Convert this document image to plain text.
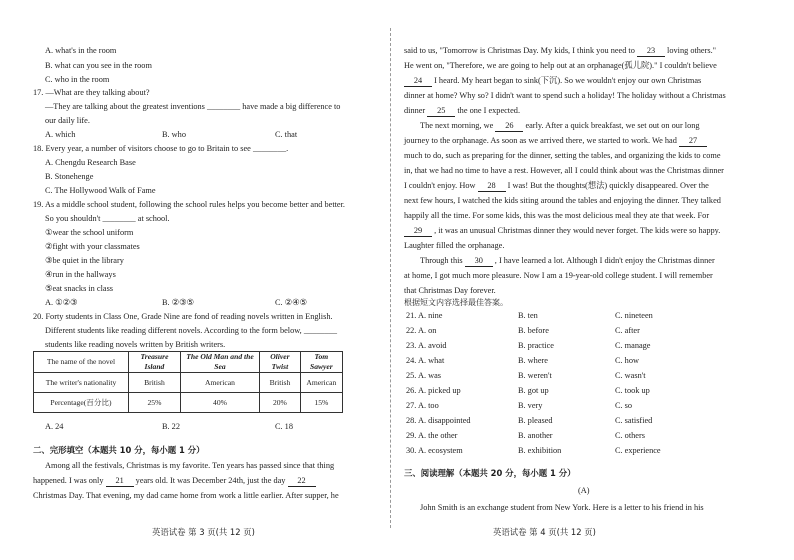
A. what's in the room
B. what can you see in the room
C. who in the room
17. —What are they talking about?
—They are talking about the greatest inventions ________ have made a big difference to
our daily life.
A. which	B. who	C. that
18. Every year, a number of visitors choose to go to Britain to see ________.
A. Chengdu Research Base
B. Stonehenge
C. The Hollywood Walk of Fame
19. As a middle school student, following the school rules helps you become better and better.
So you shouldn't ________ at school.
①wear the school uniform
②fight with your classmates
③be quiet in the library
④run in the hallways
⑤eat snacks in class
A. ①②③	B. ②③⑤	C. ②④⑤
20. Forty students in Class One, Grade Nine are fond of reading novels written in English.
Different students like reading different novels. According to the form below, ________
students like reading novels written by British writers.
The name of the novel	Treasure Island	The Old Man and the Sea	Oliver Twist	Tom Sawyer
The writer's nationality	British	American	British	American
Percentage(百分比)	25%	40%	20%	15%
A. 24	B. 22	C. 18
二、完形填空（本题共 10 分，每小题 1 分）
Among all the festivals, Christmas is my favorite. Ten years has passed since that thing
happened. I was only 21 years old. It was December 24th, just the day 22
Christmas Day. That evening, my dad came home from work a little earlier. After supper, he
英语试卷 第 3 页(共 12 页)
said to us, "Tomorrow is Christmas Day. My kids, I think you need to 23 loving others."
He went on, "Therefore, we are going to help out at an orphanage(孤儿院)." I couldn't believe
24 I heard. My heart began to sink(下沉). So we wouldn't enjoy our own Christmas
dinner at home? Why so? I didn't want to spend such a holiday! The holiday without a Christmas
dinner 25 the one I expected.
The next morning, we 26 early. After a quick breakfast, we set out on our long
journey to the orphanage. As soon as we arrived there, we started to work. We had 27
much to do, such as preparing for the dinner, setting the tables, and organizing the kids to come
in, that we had no time to have a rest. However, all I could think about was the Christmas dinner
I couldn't enjoy. How 28 I was! But the thoughts(想法) quickly disappeared. Over the
next few hours, I watched the kids siting around the tables and enjoying the dinner. They talked
happily all the time. For some kids, this was the most delicious meal they ate that week. For
29 , it was an unusual Christmas dinner they would never forget. The kids were so happy.
Laughter filled the orphanage.
Through this 30 , I have learned a lot. Although I didn't enjoy the Christmas dinner
at home, I got much more pleasure. Now I am a 19-year-old college student. I will remember
that Christmas Day forever.
根据短文内容选择最佳答案。
21. A. nine	B. ten	C. nineteen
22. A. on	B. before	C. after
23. A. avoid	B. practice	C. manage
24. A. what	B. where	C. how
25. A. was	B. weren't	C. wasn't
26. A. picked up	B. got up	C. took up
27. A. too	B. very	C. so
28. A. disappointed	B. pleased	C. satisfied
29. A. the other	B. another	C. others
30. A. ecosystem	B. exhibition	C. experience
三、阅读理解（本题共 20 分，每小题 1 分）
(A)
John Smith is an exchange student from New York. Here is a letter to his friend in his
英语试卷 第 4 页(共 12 页)
